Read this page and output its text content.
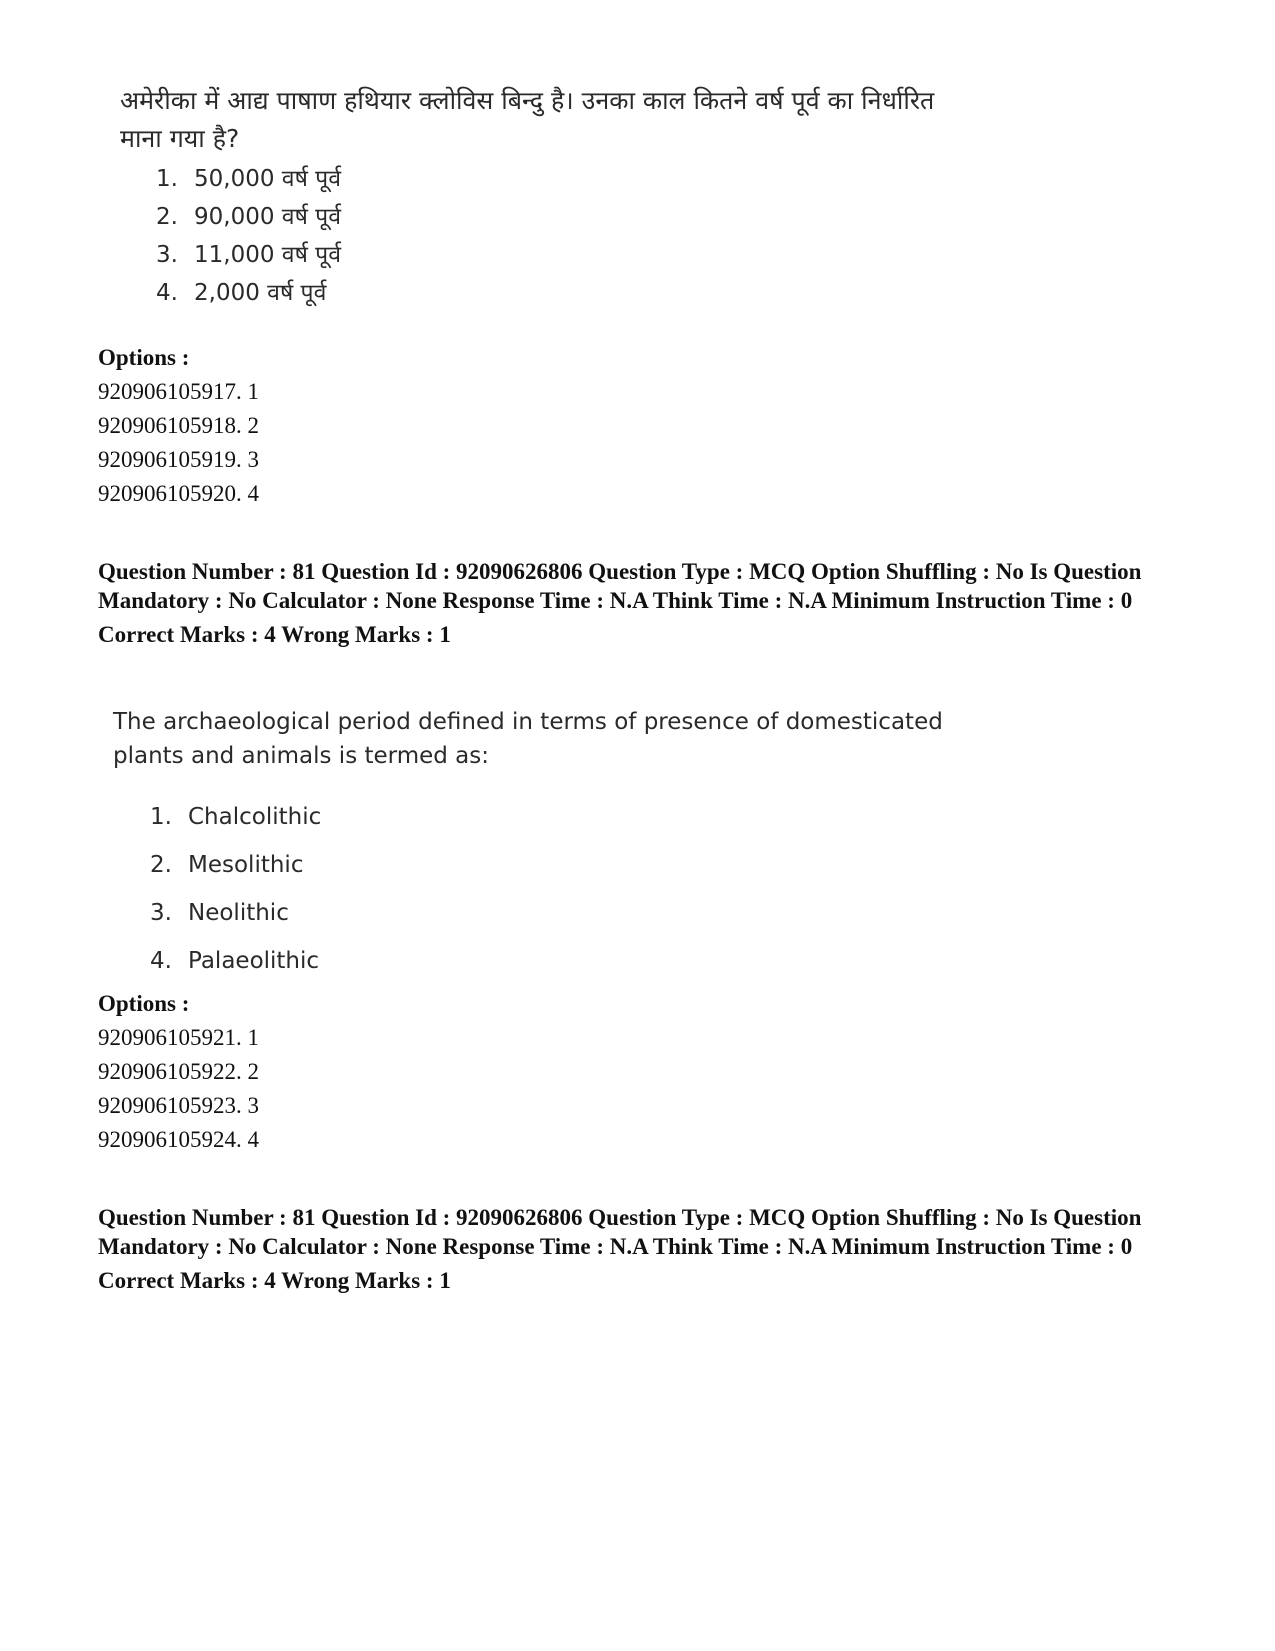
अमेरीका में आद्य पाषाण हथियार क्लोविस बिन्दु है। उनका काल कितने वर्ष पूर्व का निर्धारित माना गया है?

1. 50,000 वर्ष पूर्व
2. 90,000 वर्ष पूर्व
3. 11,000 वर्ष पूर्व
4. 2,000 वर्ष पूर्व
Options :
920906105917. 1
920906105918. 2
920906105919. 3
920906105920. 4
Question Number : 81 Question Id : 92090626806 Question Type : MCQ Option Shuffling : No Is Question Mandatory : No Calculator : None Response Time : N.A Think Time : N.A Minimum Instruction Time : 0
Correct Marks : 4 Wrong Marks : 1

The archaeological period defined in terms of presence of domesticated plants and animals is termed as:

1. Chalcolithic
2. Mesolithic
3. Neolithic
4. Palaeolithic
Options :
920906105921. 1
920906105922. 2
920906105923. 3
920906105924. 4
Question Number : 81 Question Id : 92090626806 Question Type : MCQ Option Shuffling : No Is Question Mandatory : No Calculator : None Response Time : N.A Think Time : N.A Minimum Instruction Time : 0
Correct Marks : 4 Wrong Marks : 1
